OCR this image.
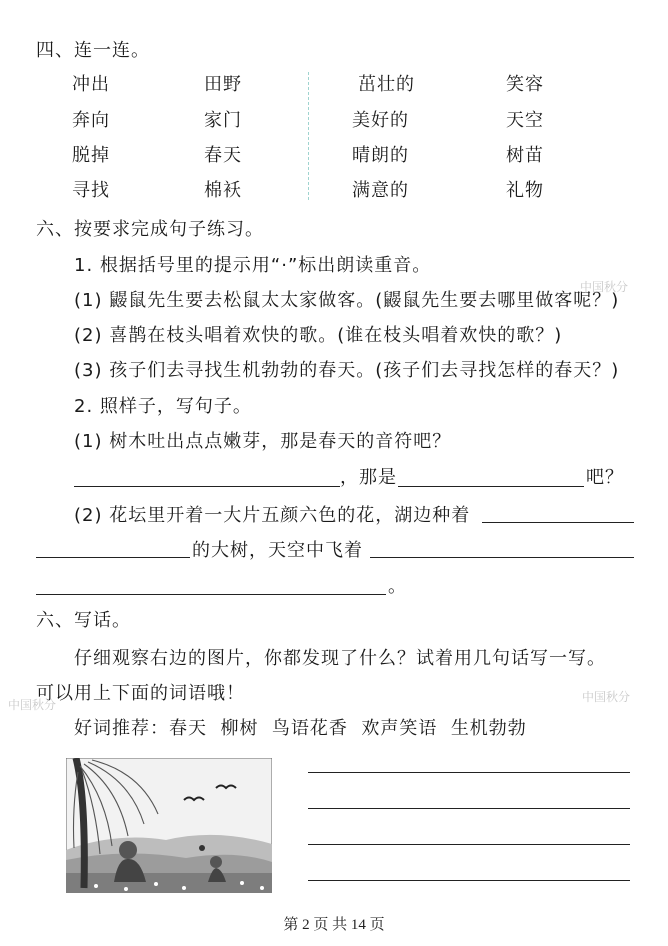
四、连一连。
冲出	田野	茁壮的	笑容
奔向	家门	美好的	天空
脱掉	春天	晴朗的	树苗
寻找	棉袄	满意的	礼物
六、按要求完成句子练习。
1. 根据括号里的提示用“·”标出朗读重音。
(1) 鼹鼠先生要去松鼠太太家做客。(鼹鼠先生要去哪里做客呢？)
(2) 喜鹊在枝头唱着欢快的歌。(谁在枝头唱着欢快的歌？)
(3) 孩子们去寻找生机勃勃的春天。(孩子们去寻找怎样的春天？)
2. 照样子，写句子。
(1) 树木吐出点点嫩芽，那是春天的音符吧？
，那是	吧？
(2) 花坛里开着一大片五颜六色的花，湖边种着
的大树，天空中飞着
。
六、写话。
仔细观察右边的图片，你都发现了什么？试着用几句话写一写。
可以用上下面的词语哦！
好词推荐：春天 柳树 鸟语花香 欢声笑语 生机勃勃
中国秋分
中国秋分
中国秋分
第 2 页 共 14 页
